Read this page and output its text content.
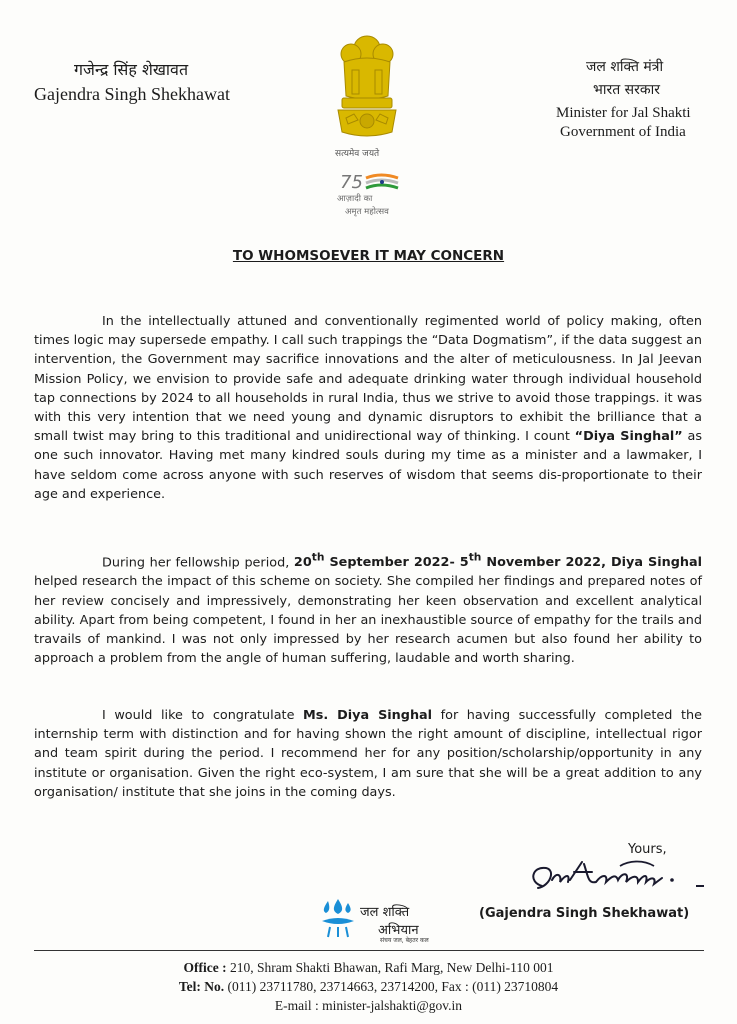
गजेन्द्र सिंह शेखावत
Gajendra Singh Shekhawat
सत्यमेव जयते
75
आज़ादी का
अमृत महोत्सव
जल शक्ति मंत्री
भारत सरकार
Minister for Jal Shakti
Government of India
TO WHOMSOEVER IT MAY CONCERN
In the intellectually attuned and conventionally regimented world of policy making, often times logic may supersede empathy. I call such trappings the “Data Dogmatism”, if the data suggest an intervention, the Government may sacrifice innovations and the alter of meticulousness. In Jal Jeevan Mission Policy, we envision to provide safe and adequate drinking water through individual household tap connections by 2024 to all households in rural India, thus we strive to avoid those trappings. it was with this very intention that we need young and dynamic disruptors to exhibit the brilliance that a small twist may bring to this traditional and unidirectional way of thinking. I count “Diya Singhal” as one such innovator. Having met many kindred souls during my time as a minister and a lawmaker, I have seldom come across anyone with such reserves of wisdom that seems dis-proportionate to their age and experience.
During her fellowship period, 20th September 2022- 5th November 2022, Diya Singhal helped research the impact of this scheme on society. She compiled her findings and prepared notes of her review concisely and impressively, demonstrating her keen observation and excellent analytical ability. Apart from being competent, I found in her an inexhaustible source of empathy for the trails and travails of mankind. I was not only impressed by her research acumen but also found her ability to approach a problem from the angle of human suffering, laudable and worth sharing.
I would like to congratulate Ms. Diya Singhal for having successfully completed the internship term with distinction and for having shown the right amount of discipline, intellectual rigor and team spirit during the period. I recommend her for any position/scholarship/opportunity in any institute or organisation. Given the right eco-system, I am sure that she will be a great addition to any organisation/ institute that she joins in the coming days.
Yours,
(Gajendra Singh Shekhawat)
जल शक्ति
अभियान
संचय जल, बेहतर कल
Office : 210, Shram Shakti Bhawan, Rafi Marg, New Delhi-110 001
Tel: No. (011) 23711780, 23714663, 23714200, Fax : (011) 23710804
E-mail : minister-jalshakti@gov.in
